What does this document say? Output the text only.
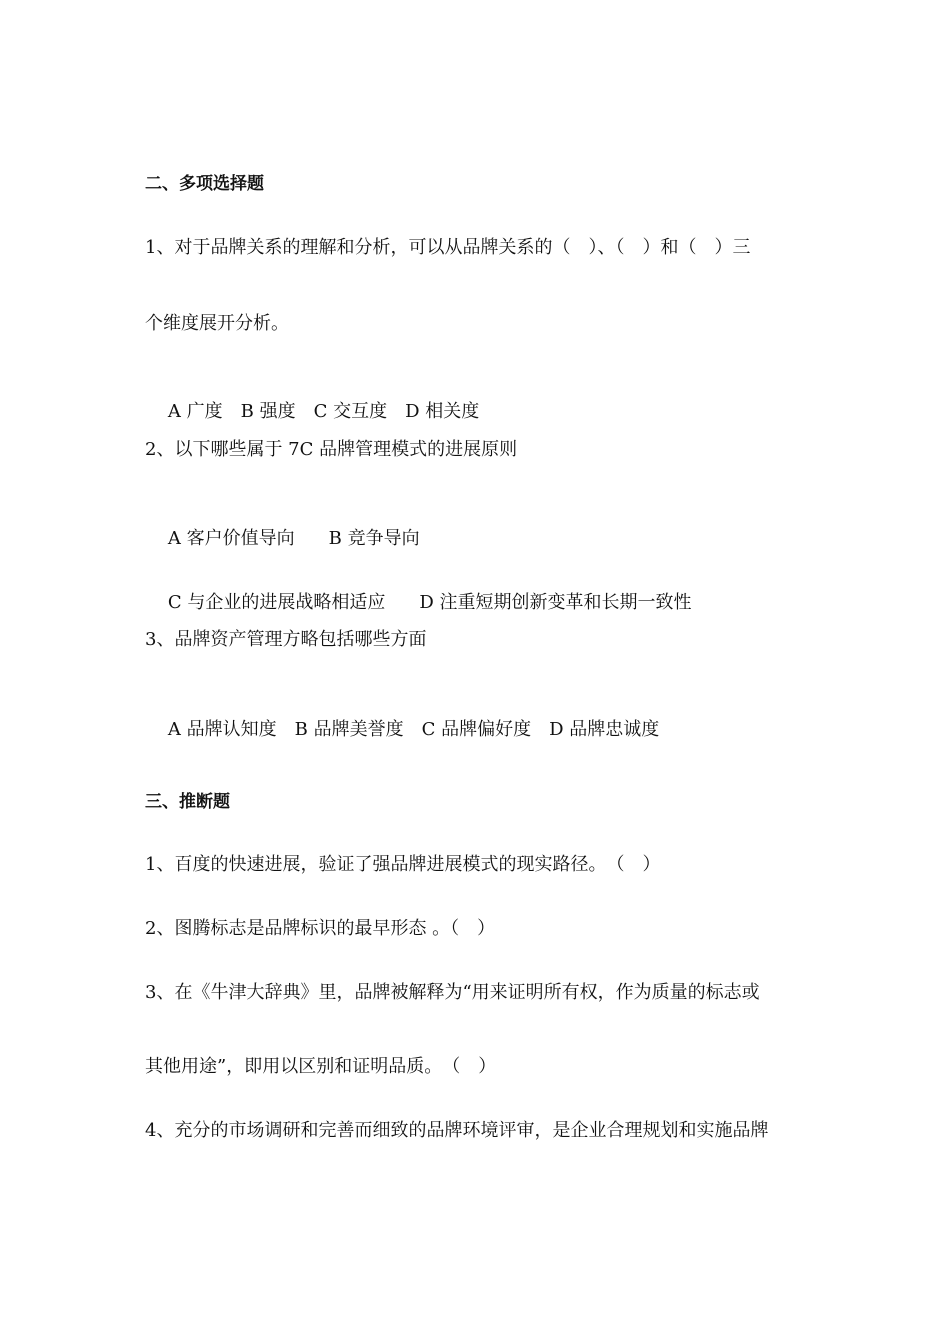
二、多项选择题
1、对于品牌关系的理解和分析，可以从品牌关系的（　）、（　）和（　）三
个维度展开分析。

A 广度 B 强度 C 交互度 D 相关度

2、以下哪些属于 7C 品牌管理模式的进展原则

A 客户价值导向 B 竞争导向

C 与企业的进展战略相适应 D 注重短期创新变革和长期一致性

3、品牌资产管理方略包括哪些方面

A 品牌认知度 B 品牌美誉度 C 品牌偏好度 D 品牌忠诚度

三、推断题
1、百度的快速进展，验证了强品牌进展模式的现实路径。　（　）
2、图腾标志是品牌标识的最早形态 。（　）
3、在《牛津大辞典》里，品牌被解释为“用来证明所有权，作为质量的标志或
其他用途”，即用以区别和证明品质。　（　）
4、充分的市场调研和完善而细致的品牌环境评审，是企业合理规划和实施品牌
